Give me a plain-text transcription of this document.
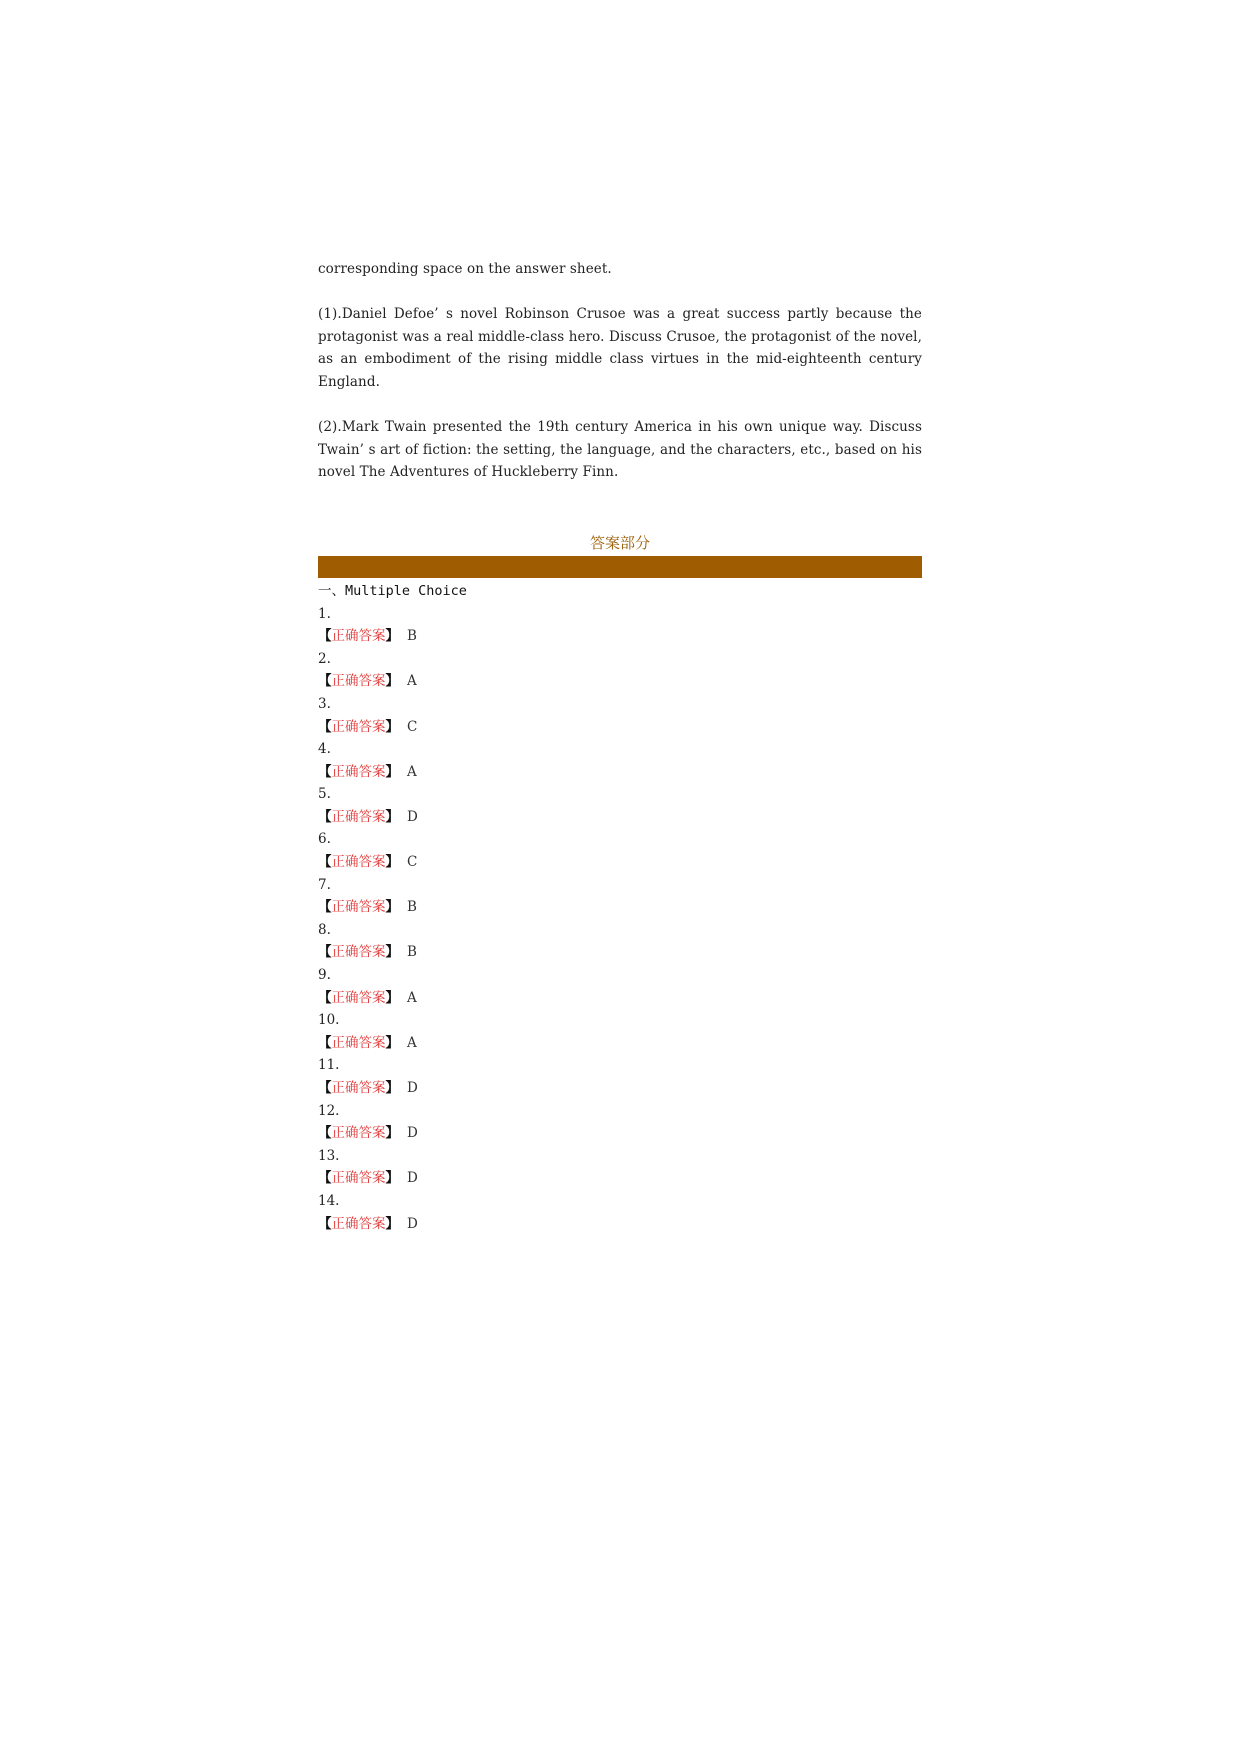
corresponding space on the answer sheet.

(1).Daniel Defoe’ s novel Robinson Crusoe was a great success partly because the protagonist was a real middle-class hero. Discuss Crusoe, the protagonist of the novel, as an embodiment of the rising middle class virtues in the mid-eighteenth century England.

(2).Mark Twain presented the 19th century America in his own unique way. Discuss Twain’ s art of fiction: the setting, the language, and the characters, etc., based on his novel The Adventures of Huckleberry Finn.

答案部分
一、Multiple Choice
1.
【正确答案】 B
2.
【正确答案】 A
3.
【正确答案】 C
4.
【正确答案】 A
5.
【正确答案】 D
6.
【正确答案】 C
7.
【正确答案】 B
8.
【正确答案】 B
9.
【正确答案】 A
10.
【正确答案】 A
11.
【正确答案】 D
12.
【正确答案】 D
13.
【正确答案】 D
14.
【正确答案】 D
